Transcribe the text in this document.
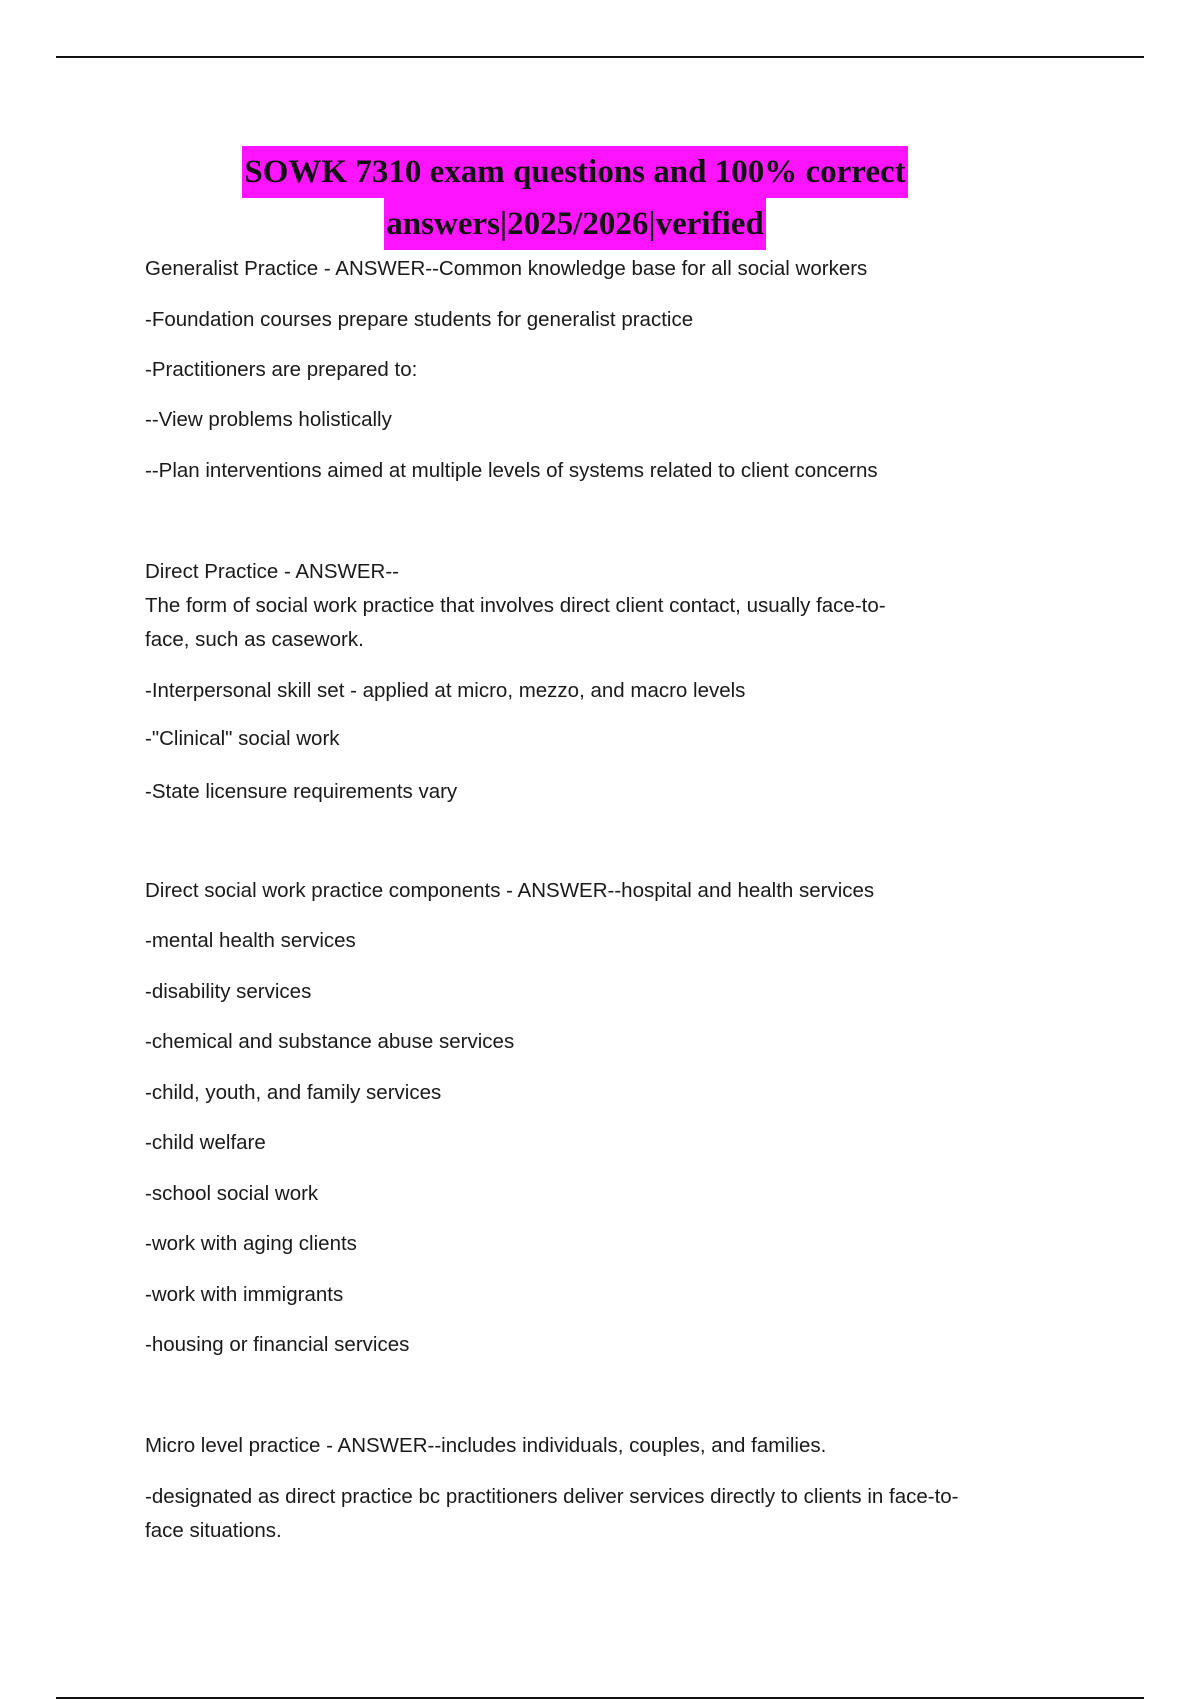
SOWK 7310 exam questions and 100% correct
answers|2025/2026|verified
Generalist Practice - ANSWER--Common knowledge base for all social workers
-Foundation courses prepare students for generalist practice
-Practitioners are prepared to:
--View problems holistically
--Plan interventions aimed at multiple levels of systems related to client concerns
Direct Practice - ANSWER--
The form of social work practice that involves direct client contact, usually face-to-
face, such as casework.
-Interpersonal skill set - applied at micro, mezzo, and macro levels
-"Clinical" social work
-State licensure requirements vary
Direct social work practice components - ANSWER--hospital and health services
-mental health services
-disability services
-chemical and substance abuse services
-child, youth, and family services
-child welfare
-school social work
-work with aging clients
-work with immigrants
-housing or financial services
Micro level practice - ANSWER--includes individuals, couples, and families.
-designated as direct practice bc practitioners deliver services directly to clients in face-to-
face situations.
